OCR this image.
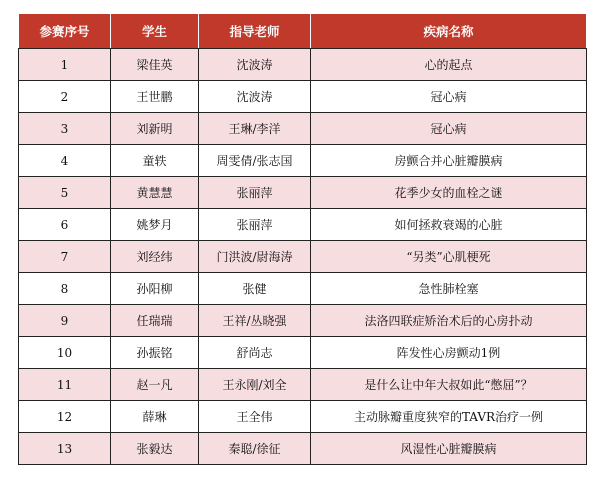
参赛序号	学生	指导老师	疾病名称
1	梁佳英	沈波涛	心的起点
2	王世鹏	沈波涛	冠心病
3	刘新明	王琳/李洋	冠心病
4	童轶	周雯倩/张志国	房颤合并心脏瓣膜病
5	黄慧慧	张丽萍	花季少女的血栓之谜
6	姚梦月	张丽萍	如何拯救衰竭的心脏
7	刘经纬	门洪波/尉海涛	“另类”心肌梗死
8	孙阳柳	张健	急性肺栓塞
9	任瑞瑞	王祥/丛晓强	法洛四联症矫治术后的心房扑动
10	孙振铭	舒尚志	阵发性心房颤动1例
11	赵一凡	王永刚/刘全	是什么让中年大叔如此“憋屈”？
12	薛琳	王全伟	主动脉瓣重度狭窄的TAVR治疗一例
13	张毅达	秦聪/徐征	风湿性心脏瓣膜病
